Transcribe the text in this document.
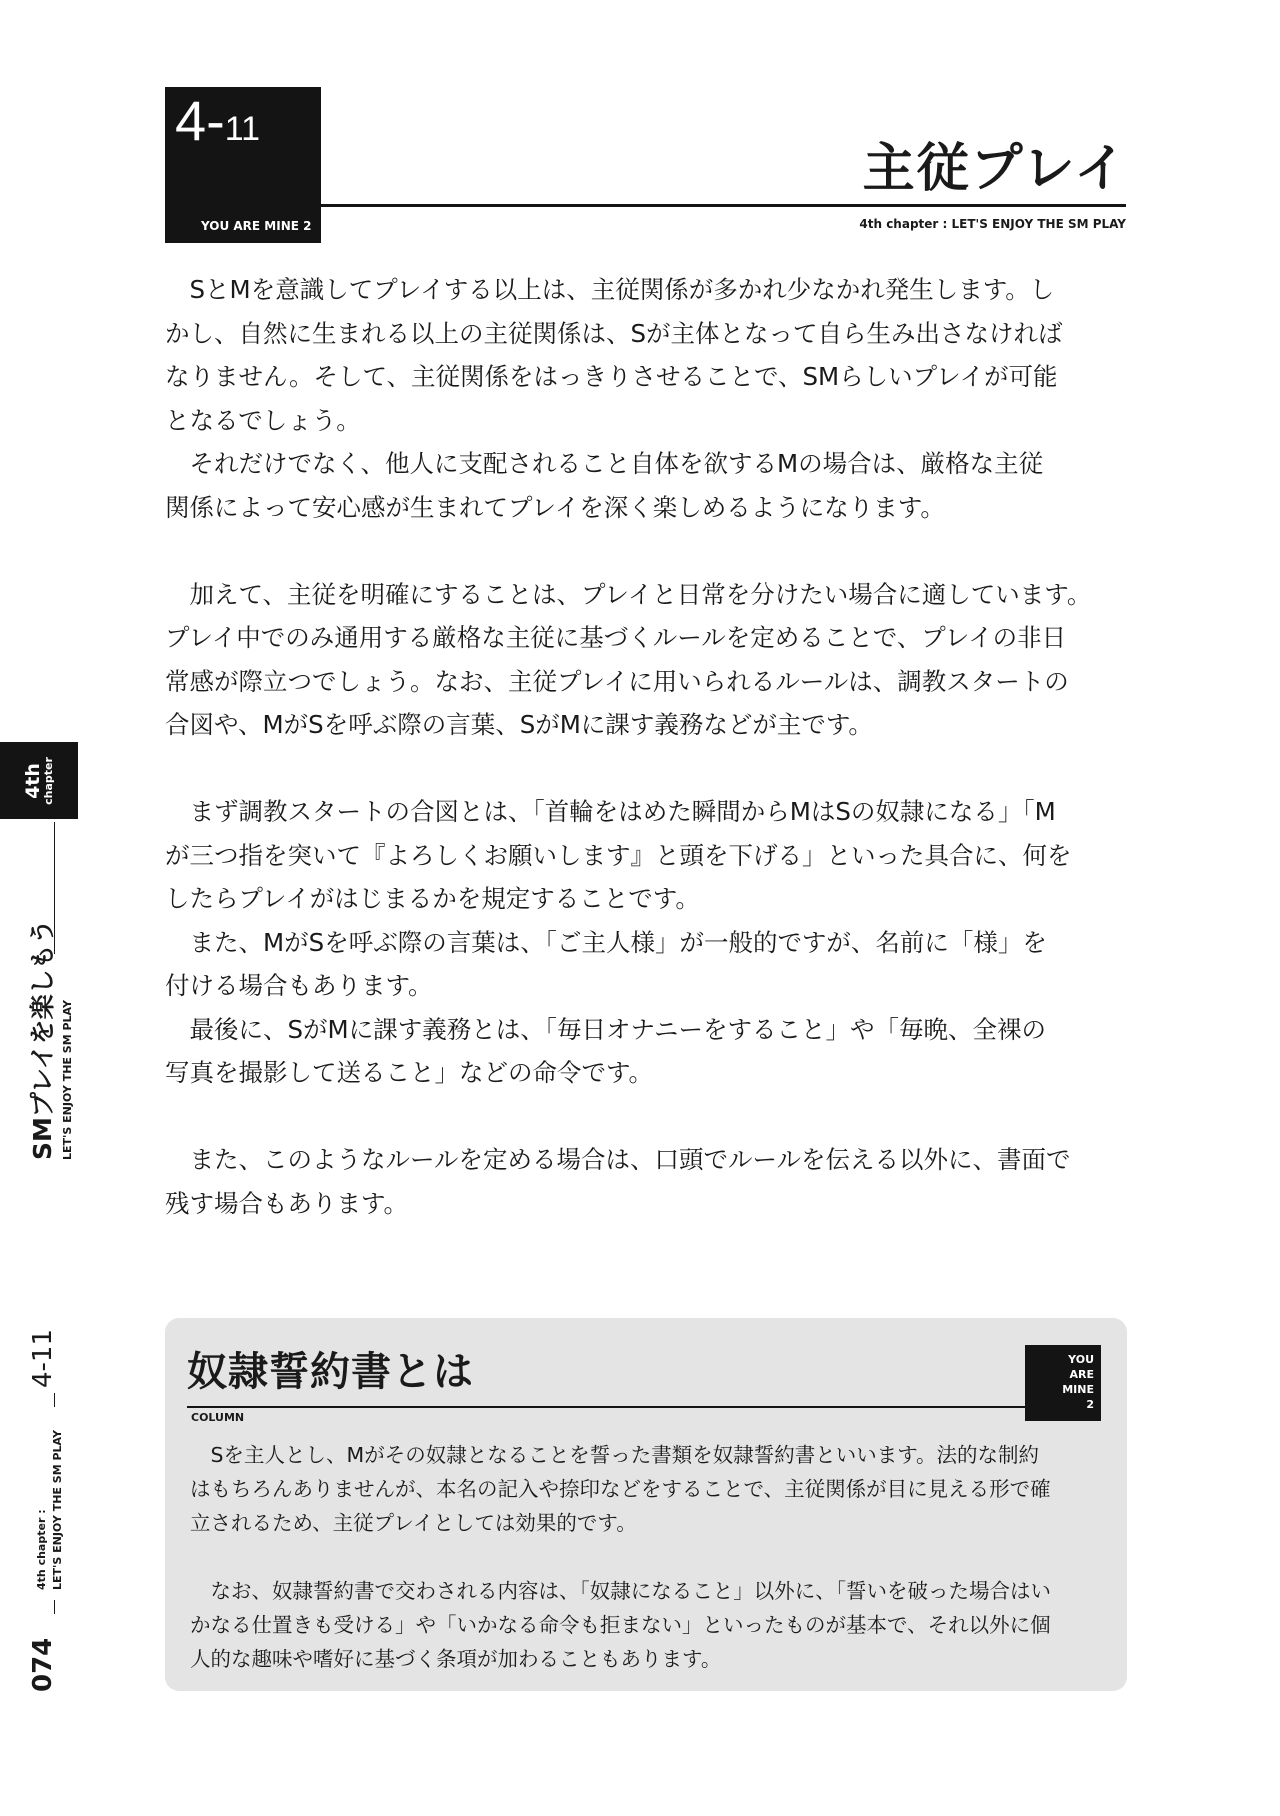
4-11
YOU ARE MINE 2
主従プレイ
4th chapter : LET'S ENJOY THE SM PLAY

　SとMを意識してプレイする以上は、主従関係が多かれ少なかれ発生します。し

かし、自然に生まれる以上の主従関係は、Sが主体となって自ら生み出さなければ

なりません。そして、主従関係をはっきりさせることで、SMらしいプレイが可能

となるでしょう。

　それだけでなく、他人に支配されること自体を欲するMの場合は、厳格な主従

関係によって安心感が生まれてプレイを深く楽しめるようになります。

　加えて、主従を明確にすることは、プレイと日常を分けたい場合に適しています。

プレイ中でのみ通用する厳格な主従に基づくルールを定めることで、プレイの非日

常感が際立つでしょう。なお、主従プレイに用いられるルールは、調教スタートの

合図や、MがSを呼ぶ際の言葉、SがMに課す義務などが主です。

　まず調教スタートの合図とは、「首輪をはめた瞬間からMはSの奴隷になる」「M

が三つ指を突いて『よろしくお願いします』と頭を下げる」といった具合に、何を

したらプレイがはじまるかを規定することです。

　また、MがSを呼ぶ際の言葉は、「ご主人様」が一般的ですが、名前に「様」を

付ける場合もあります。

　最後に、SがMに課す義務とは、「毎日オナニーをすること」や「毎晩、全裸の

写真を撮影して送ること」などの命令です。

　また、このようなルールを定める場合は、口頭でルールを伝える以外に、書面で

残す場合もあります。

奴隷誓約書とは
COLUMN
YOU
ARE
MINE
2

　Sを主人とし、Mがその奴隷となることを誓った書類を奴隷誓約書といいます。法的な制約

はもちろんありませんが、本名の記入や捺印などをすることで、主従関係が目に見える形で確

立されるため、主従プレイとしては効果的です。

　なお、奴隷誓約書で交わされる内容は、「奴隷になること」以外に、「誓いを破った場合はい

かなる仕置きも受ける」や「いかなる命令も拒まない」といったものが基本で、それ以外に個

人的な趣味や嗜好に基づく条項が加わることもあります。

4th
chapter
SMプレイを楽しもう LET'S ENJOY THE SM PLAY
4-11
4th chapter : LET'S ENJOY THE SM PLAY
074
